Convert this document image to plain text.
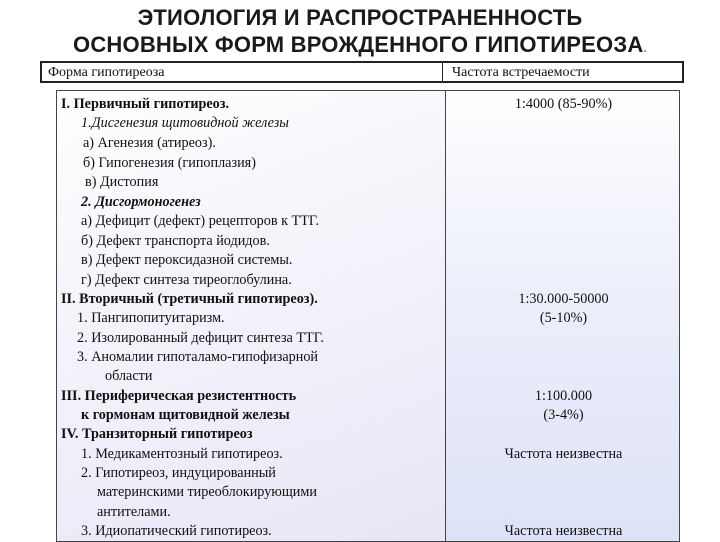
ЭТИОЛОГИЯ И РАСПРОСТРАНЕННОСТЬ
ОСНОВНЫХ ФОРМ ВРОЖДЕННОГО ГИПОТИРЕОЗА.
Форма гипотиреоза	Частота встречаемости
I. Первичный гипотиреоз.
1.Дисгенезия щитовидной железы
а) Агенезия (атиреоз).
б) Гипогенезия (гипоплазия)
в) Дистопия
2. Дисгормоногенез
а) Дефицит (дефект) рецепторов к ТТГ.
б) Дефект транспорта йодидов.
в) Дефект пероксидазной системы.
г) Дефект синтеза тиреоглобулина.
II. Вторичный (третичный гипотиреоз).
1. Пангипопитуитаризм.
2. Изолированный дефицит синтеза ТТГ.
3. Аномалии гипоталамо-гипофизарной
области
III. Периферическая резистентность
к гормонам щитовидной железы
IV. Транзиторный гипотиреоз
1. Медикаментозный гипотиреоз.
2. Гипотиреоз, индуцированный
материнскими тиреоблокирующими
антителами.
3. Идиопатический гипотиреоз.
1:4000 (85-90%)
1:30.000-50000
(5-10%)
1:100.000
(3-4%)
Частота неизвестна
Частота неизвестна
